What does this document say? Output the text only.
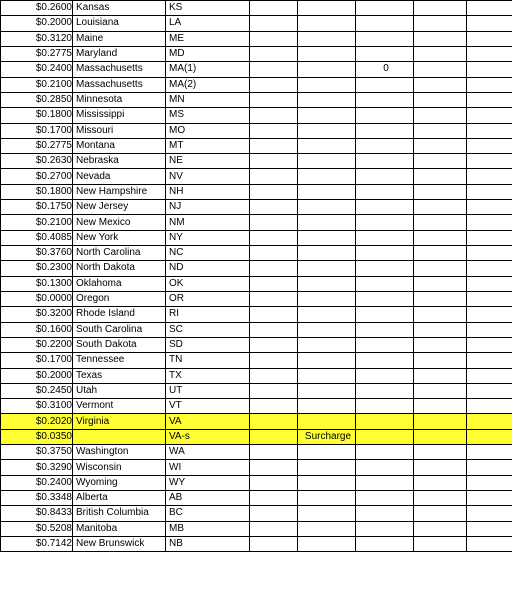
$0.2600	Kansas	KS					
$0.2000	Louisiana	LA					
$0.3120	Maine	ME					
$0.2775	Maryland	MD					
$0.2400	Massachusetts	MA(1)			0		
$0.2100	Massachusetts	MA(2)					
$0.2850	Minnesota	MN					
$0.1800	Mississippi	MS					
$0.1700	Missouri	MO					
$0.2775	Montana	MT					
$0.2630	Nebraska	NE					
$0.2700	Nevada	NV					
$0.1800	New Hampshire	NH					
$0.1750	New Jersey	NJ					
$0.2100	New Mexico	NM					
$0.4085	New York	NY					
$0.3760	North Carolina	NC					
$0.2300	North Dakota	ND					
$0.1300	Oklahoma	OK					
$0.0000	Oregon	OR					
$0.3200	Rhode Island	RI					
$0.1600	South Carolina	SC					
$0.2200	South Dakota	SD					
$0.1700	Tennessee	TN					
$0.2000	Texas	TX					
$0.2450	Utah	UT					
$0.3100	Vermont	VT					
$0.2020	Virginia	VA					
$0.0350		VA-s		Surcharge			
$0.3750	Washington	WA					
$0.3290	Wisconsin	WI					
$0.2400	Wyoming	WY					
$0.3348	Alberta	AB					
$0.8433	British Columbia	BC					
$0.5208	Manitoba	MB					
$0.7142	New Brunswick	NB					
